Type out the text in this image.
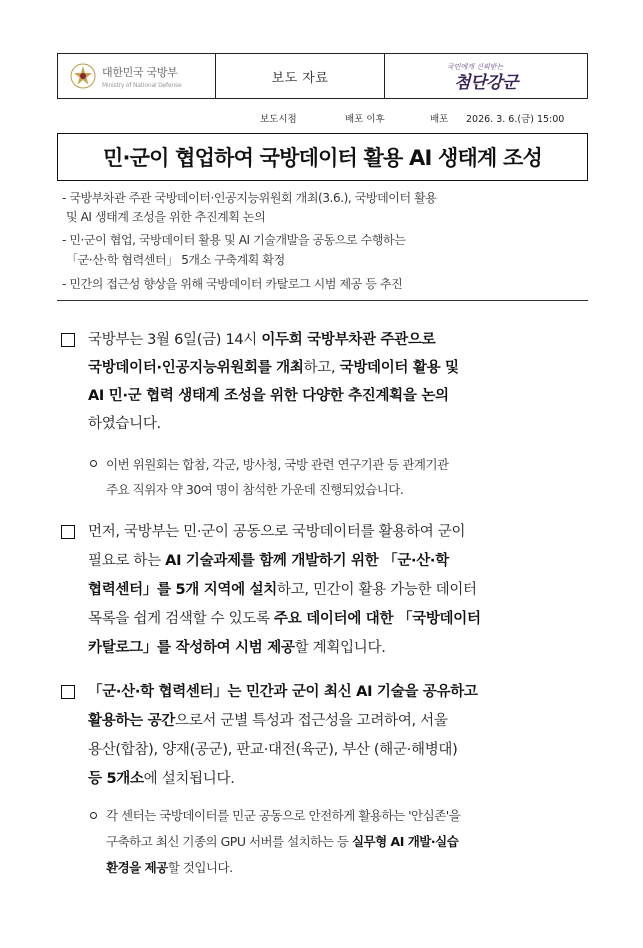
대한민국 국방부
Ministry of National Defense	보도 자료
국민에게 신뢰받는
첨단강군
보도시점	배포 이후	배포 2026. 3. 6.(금) 15:00
민·군이 협업하여 국방데이터 활용 AI 생태계 조성
- 국방부차관 주관 국방데이터·인공지능위원회 개최(3.6.), 국방데이터 활용
및 AI 생태계 조성을 위한 추진계획 논의
- 민·군이 협업, 국방데이터 활용 및 AI 기술개발을 공동으로 수행하는
「군·산·학 협력센터」 5개소 구축계획 확정
- 민간의 접근성 향상을 위해 국방데이터 카탈로그 시범 제공 등 추진
국방부는 3월 6일(금) 14시 이두희 국방부차관 주관으로
국방데이터·인공지능위원회를 개최하고, 국방데이터 활용 및
AI 민·군 협력 생태계 조성을 위한 다양한 추진계획을 논의
하였습니다.
이번 위원회는 합참, 각군, 방사청, 국방 관련 연구기관 등 관계기관
주요 직위자 약 30여 명이 참석한 가운데 진행되었습니다.
먼저, 국방부는 민·군이 공동으로 국방데이터를 활용하여 군이
필요로 하는 AI 기술과제를 함께 개발하기 위한 「군·산·학
협력센터」를 5개 지역에 설치하고, 민간이 활용 가능한 데이터
목록을 쉽게 검색할 수 있도록 주요 데이터에 대한 「국방데이터
카탈로그」를 작성하여 시범 제공할 계획입니다.
「군·산·학 협력센터」는 민간과 군이 최신 AI 기술을 공유하고
활용하는 공간으로서 군별 특성과 접근성을 고려하여, 서울
용산(합참), 양재(공군), 판교·대전(육군), 부산 (해군·해병대)
등 5개소에 설치됩니다.
각 센터는 국방데이터를 민군 공동으로 안전하게 활용하는 '안심존'을
구축하고 최신 기종의 GPU 서버를 설치하는 등 실무형 AI 개발·실습
환경을 제공할 것입니다.
